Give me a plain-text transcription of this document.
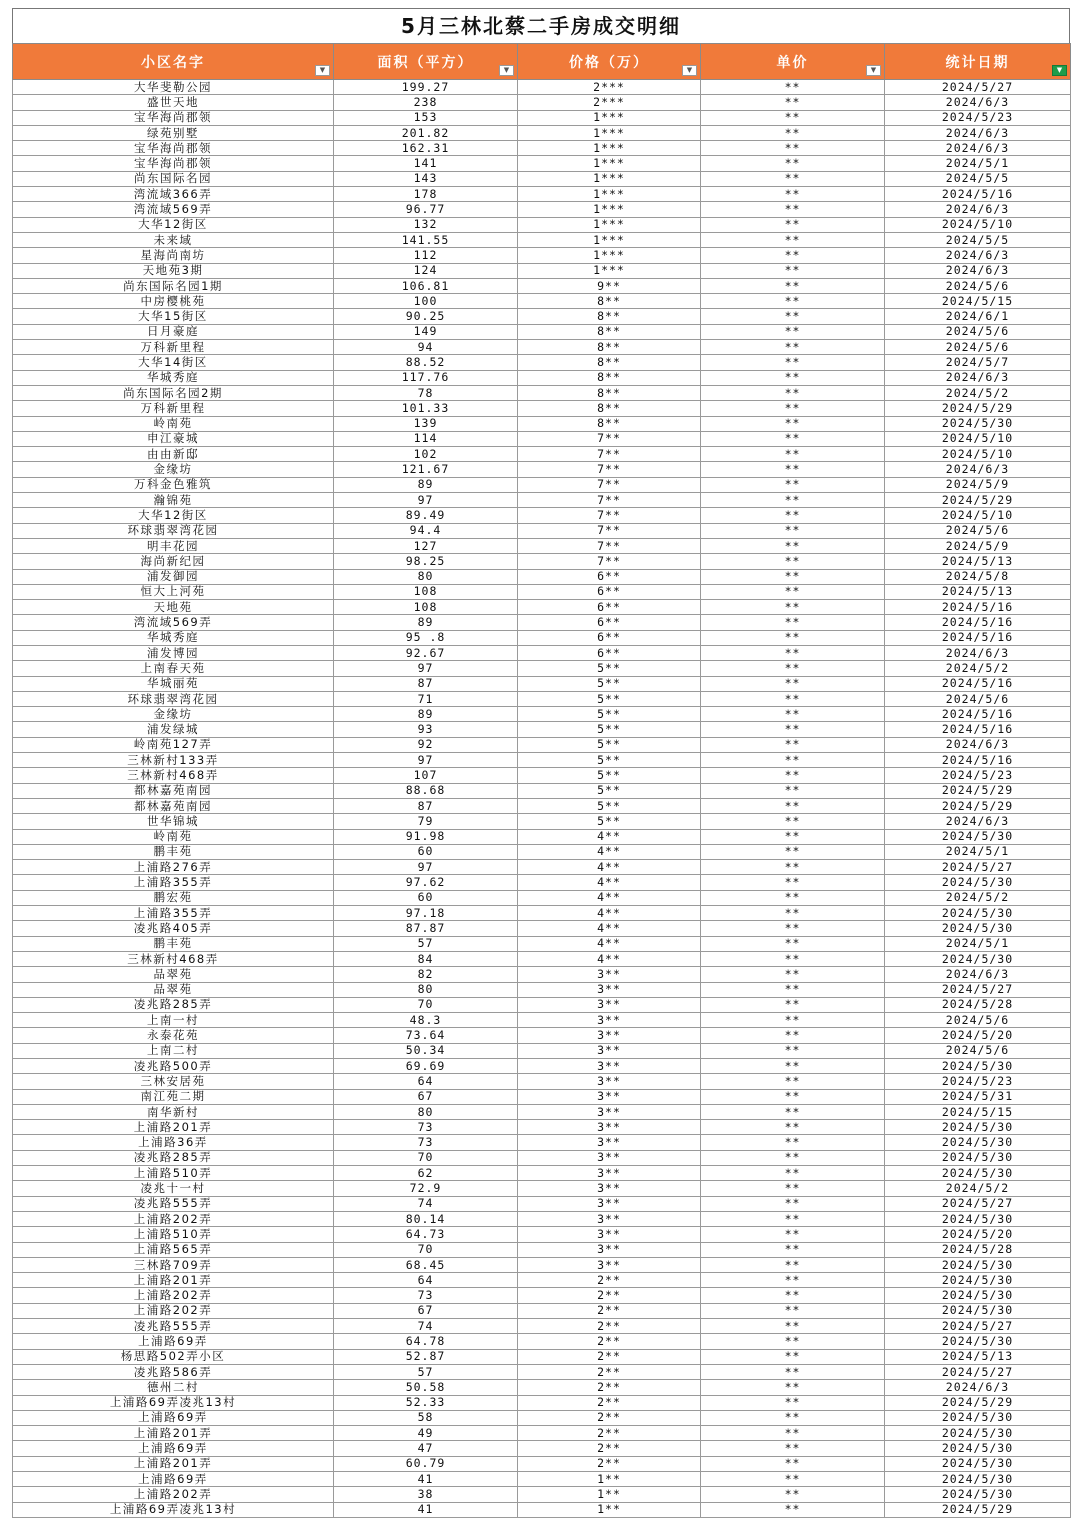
5月三林北蔡二手房成交明细
小区名字 ▼	面积（平方） ▼	价格（万） ▼	单价 ▼	统计日期 ▼

大华斐勒公园	199.27	2***	**	2024/5/27
盛世天地	238	2***	**	2024/6/3
宝华海尚郡领	153	1***	**	2024/5/23
绿苑别墅	201.82	1***	**	2024/6/3
宝华海尚郡领	162.31	1***	**	2024/6/3
宝华海尚郡领	141	1***	**	2024/5/1
尚东国际名园	143	1***	**	2024/5/5
湾流域366弄	178	1***	**	2024/5/16
湾流域569弄	96.77	1***	**	2024/6/3
大华12街区	132	1***	**	2024/5/10
未来域	141.55	1***	**	2024/5/5
星海尚南坊	112	1***	**	2024/6/3
天地苑3期	124	1***	**	2024/6/3
尚东国际名园1期	106.81	9**	**	2024/5/6
中房樱桃苑	100	8**	**	2024/5/15
大华15街区	90.25	8**	**	2024/6/1
日月豪庭	149	8**	**	2024/5/6
万科新里程	94	8**	**	2024/5/6
大华14街区	88.52	8**	**	2024/5/7
华城秀庭	117.76	8**	**	2024/6/3
尚东国际名园2期	78	8**	**	2024/5/2
万科新里程	101.33	8**	**	2024/5/29
岭南苑	139	8**	**	2024/5/30
申江豪城	114	7**	**	2024/5/10
由由新邸	102	7**	**	2024/5/10
金缘坊	121.67	7**	**	2024/6/3
万科金色雅筑	89	7**	**	2024/5/9
瀚锦苑	97	7**	**	2024/5/29
大华12街区	89.49	7**	**	2024/5/10
环球翡翠湾花园	94.4	7**	**	2024/5/6
明丰花园	127	7**	**	2024/5/9
海尚新纪园	98.25	7**	**	2024/5/13
浦发御园	80	6**	**	2024/5/8
恒大上河苑	108	6**	**	2024/5/13
天地苑	108	6**	**	2024/5/16
湾流域569弄	89	6**	**	2024/5/16
华城秀庭	95 .8	6**	**	2024/5/16
浦发博园	92.67	6**	**	2024/6/3
上南春天苑	97	5**	**	2024/5/2
华城丽苑	87	5**	**	2024/5/16
环球翡翠湾花园	71	5**	**	2024/5/6
金缘坊	89	5**	**	2024/5/16
浦发绿城	93	5**	**	2024/5/16
岭南苑127弄	92	5**	**	2024/6/3
三林新村133弄	97	5**	**	2024/5/16
三林新村468弄	107	5**	**	2024/5/23
都林嘉苑南园	88.68	5**	**	2024/5/29
都林嘉苑南园	87	5**	**	2024/5/29
世华锦城	79	5**	**	2024/6/3
岭南苑	91.98	4**	**	2024/5/30
鹏丰苑	60	4**	**	2024/5/1
上浦路276弄	97	4**	**	2024/5/27
上浦路355弄	97.62	4**	**	2024/5/30
鹏宏苑	60	4**	**	2024/5/2
上浦路355弄	97.18	4**	**	2024/5/30
凌兆路405弄	87.87	4**	**	2024/5/30
鹏丰苑	57	4**	**	2024/5/1
三林新村468弄	84	4**	**	2024/5/30
品翠苑	82	3**	**	2024/6/3
品翠苑	80	3**	**	2024/5/27
凌兆路285弄	70	3**	**	2024/5/28
上南一村	48.3	3**	**	2024/5/6
永泰花苑	73.64	3**	**	2024/5/20
上南二村	50.34	3**	**	2024/5/6
凌兆路500弄	69.69	3**	**	2024/5/30
三林安居苑	64	3**	**	2024/5/23
南江苑二期	67	3**	**	2024/5/31
南华新村	80	3**	**	2024/5/15
上浦路201弄	73	3**	**	2024/5/30
上浦路36弄	73	3**	**	2024/5/30
凌兆路285弄	70	3**	**	2024/5/30
上浦路510弄	62	3**	**	2024/5/30
凌兆十一村	72.9	3**	**	2024/5/2
凌兆路555弄	74	3**	**	2024/5/27
上浦路202弄	80.14	3**	**	2024/5/30
上浦路510弄	64.73	3**	**	2024/5/20
上浦路565弄	70	3**	**	2024/5/28
三林路709弄	68.45	3**	**	2024/5/30
上浦路201弄	64	2**	**	2024/5/30
上浦路202弄	73	2**	**	2024/5/30
上浦路202弄	67	2**	**	2024/5/30
凌兆路555弄	74	2**	**	2024/5/27
上浦路69弄	64.78	2**	**	2024/5/30
杨思路502弄小区	52.87	2**	**	2024/5/13
凌兆路586弄	57	2**	**	2024/5/27
德州二村	50.58	2**	**	2024/6/3
上浦路69弄凌兆13村	52.33	2**	**	2024/5/29
上浦路69弄	58	2**	**	2024/5/30
上浦路201弄	49	2**	**	2024/5/30
上浦路69弄	47	2**	**	2024/5/30
上浦路201弄	60.79	2**	**	2024/5/30
上浦路69弄	41	1**	**	2024/5/30
上浦路202弄	38	1**	**	2024/5/30
上浦路69弄凌兆13村	41	1**	**	2024/5/29
